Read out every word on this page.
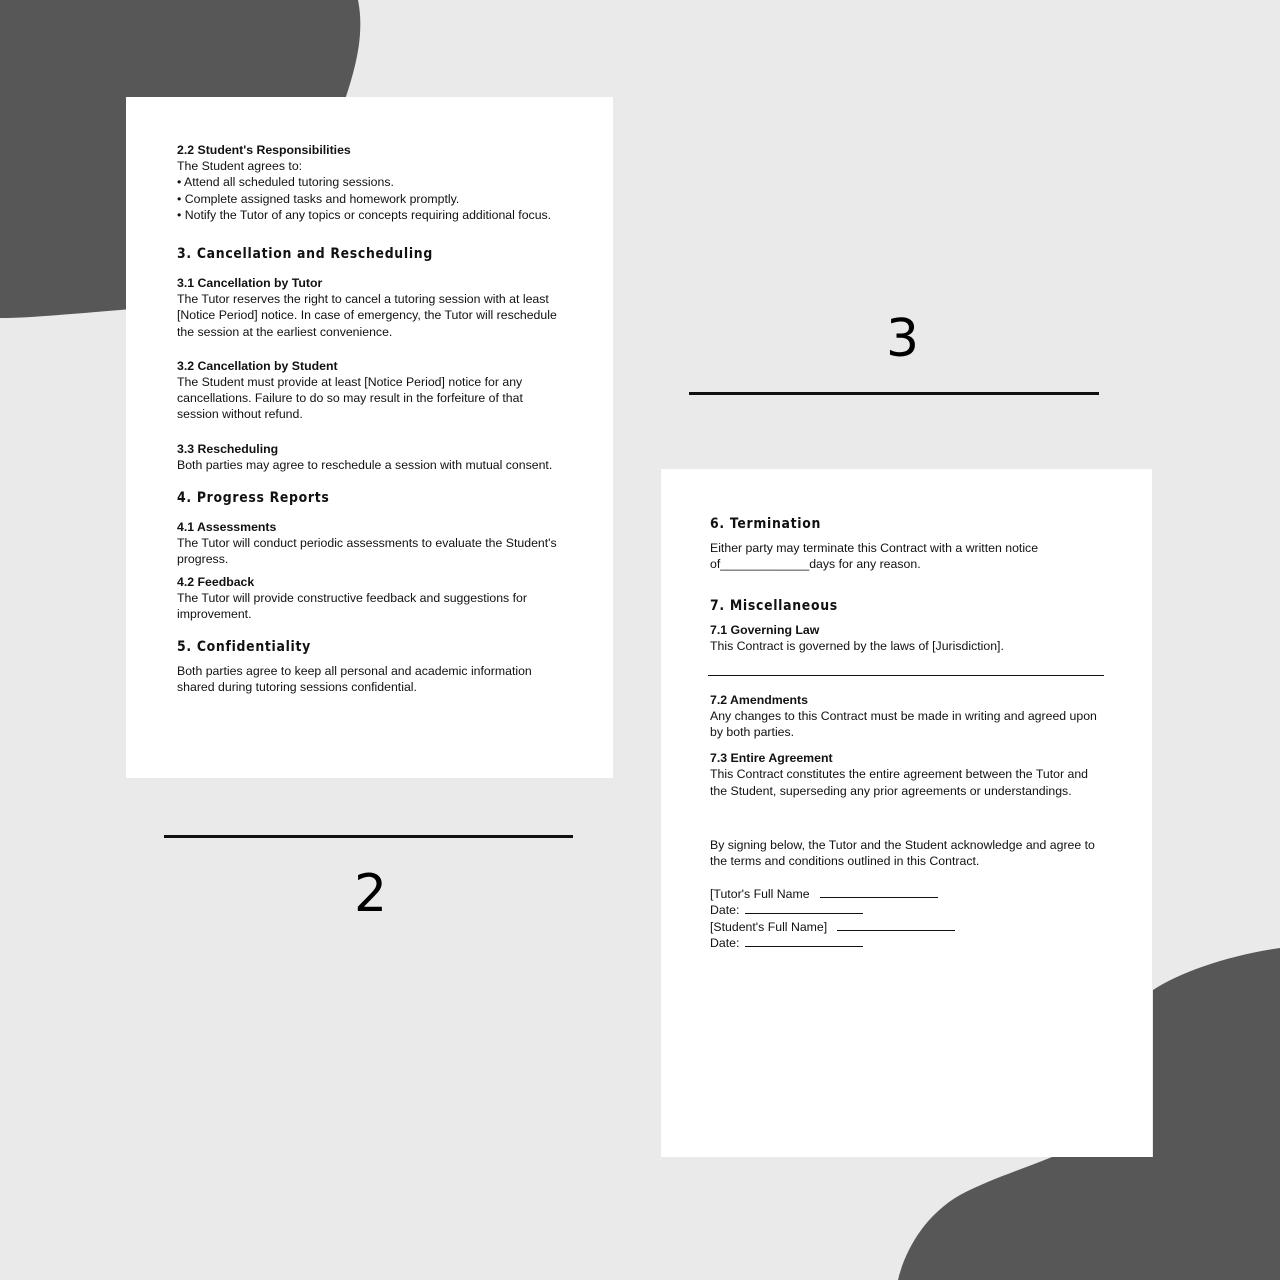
2.2 Student's Responsibilities

The Student agrees to:

• Attend all scheduled tutoring sessions.

• Complete assigned tasks and homework promptly.

• Notify the Tutor of any topics or concepts requiring additional focus.

3. Cancellation and Rescheduling

3.1 Cancellation by Tutor

The Tutor reserves the right to cancel a tutoring session with at least [Notice Period] notice. In case of emergency, the Tutor will reschedule the session at the earliest convenience.

3.2 Cancellation by Student

The Student must provide at least [Notice Period] notice for any cancellations. Failure to do so may result in the forfeiture of that session without refund.

3.3 Rescheduling

Both parties may agree to reschedule a session with mutual consent.

4. Progress Reports

4.1 Assessments

The Tutor will conduct periodic assessments to evaluate the Student's progress.

4.2 Feedback

The Tutor will provide constructive feedback and suggestions for improvement.

5. Confidentiality

Both parties agree to keep all personal and academic information shared during tutoring sessions confidential.

2
3

6. Termination

Either party may terminate this Contract with a written notice

of_____________days for any reason.

7. Miscellaneous

7.1 Governing Law

This Contract is governed by the laws of [Jurisdiction].

7.2 Amendments

Any changes to this Contract must be made in writing and agreed upon by both parties.

7.3 Entire Agreement

This Contract constitutes the entire agreement between the Tutor and the Student, superseding any prior agreements or understandings.

By signing below, the Tutor and the Student acknowledge and agree to the terms and conditions outlined in this Contract.

[Tutor's Full Name
Date:
[Student's Full Name]
Date:
